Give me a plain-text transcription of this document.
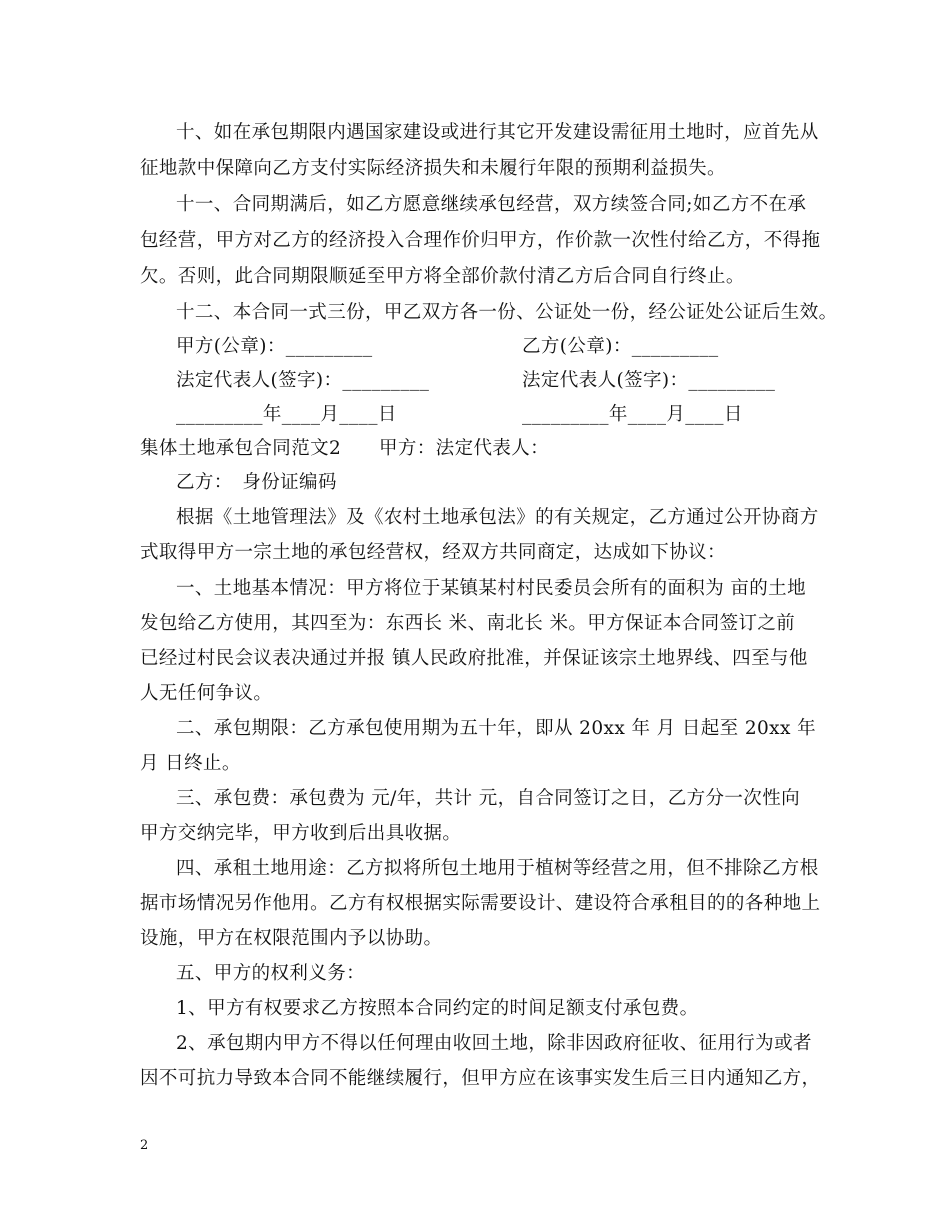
十、如在承包期限内遇国家建设或进行其它开发建设需征用土地时，应首先从
征地款中保障向乙方支付实际经济损失和未履行年限的预期利益损失。
十一、合同期满后，如乙方愿意继续承包经营，双方续签合同;如乙方不在承
包经营，甲方对乙方的经济投入合理作价归甲方，作价款一次性付给乙方，不得拖
欠。否则，此合同期限顺延至甲方将全部价款付清乙方后合同自行终止。
十二、本合同一式三份，甲乙双方各一份、公证处一份，经公证处公证后生效。
甲方(公章)：_________	乙方(公章)：_________
法定代表人(签字)：_________	法定代表人(签字)：_________
_________年____月____日	_________年____月____日
集体土地承包合同范文2　　甲方：法定代表人：
乙方：　身份证编码
根据《土地管理法》及《农村土地承包法》的有关规定，乙方通过公开协商方
式取得甲方一宗土地的承包经营权，经双方共同商定，达成如下协议：
一、土地基本情况：甲方将位于某镇某村村民委员会所有的面积为 亩的土地
发包给乙方使用，其四至为：东西长 米、南北长 米。甲方保证本合同签订之前
已经过村民会议表决通过并报 镇人民政府批准，并保证该宗土地界线、四至与他
人无任何争议。
二、承包期限：乙方承包使用期为五十年，即从 20xx 年 月 日起至 20xx 年
月 日终止。
三、承包费：承包费为 元/年，共计 元，自合同签订之日，乙方分一次性向
甲方交纳完毕，甲方收到后出具收据。
四、承租土地用途：乙方拟将所包土地用于植树等经营之用，但不排除乙方根
据市场情况另作他用。乙方有权根据实际需要设计、建设符合承租目的的各种地上
设施，甲方在权限范围内予以协助。
五、甲方的权利义务：
1、甲方有权要求乙方按照本合同约定的时间足额支付承包费。
2、承包期内甲方不得以任何理由收回土地，除非因政府征收、征用行为或者
因不可抗力导致本合同不能继续履行，但甲方应在该事实发生后三日内通知乙方，
2
